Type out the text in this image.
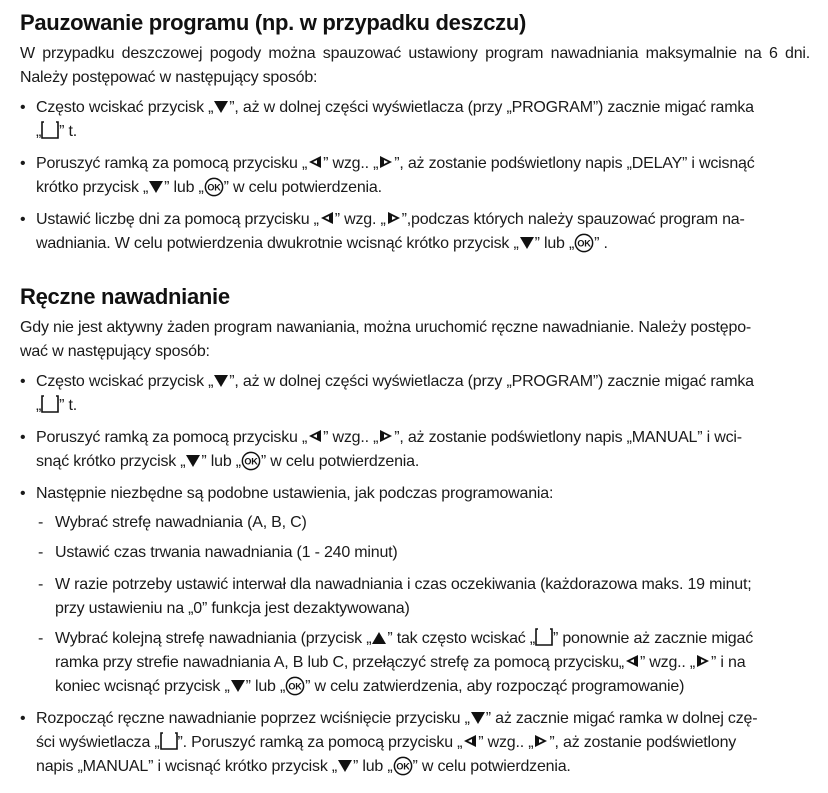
Pauzowanie programu (np. w przypadku deszczu)

W przypadku deszczowej pogody można spauzować ustawiony program nawadniania maksymalnie na 6 dni. Należy postępować w następujący sposób:

• Często wciskać przycisk „ ”, aż w dolnej części wyświetlacza (przy „PROGRAM”) zacznie migać ramka
„ ” t.

• Poruszyć ramką za pomocą przycisku „ ” wzg.. „ ”, aż zostanie podświetlony napis „DELAY” i wcisnąć
krótko przycisk „ ” lub „ ” w celu potwierdzenia.

• Ustawić liczbę dni za pomocą przycisku „ ” wzg. „ ”,podczas których należy spauzować program na-
wadniania. W celu potwierdzenia dwukrotnie wcisnąć krótko przycisk „ ” lub „ ” .

Ręczne nawadnianie

Gdy nie jest aktywny żaden program nawaniania, można uruchomić ręczne nawadnianie. Należy postępo-
wać w następujący sposób:

• Często wciskać przycisk „ ”, aż w dolnej części wyświetlacza (przy „PROGRAM”) zacznie migać ramka
„ ” t.

• Poruszyć ramką za pomocą przycisku „ ” wzg.. „ ”, aż zostanie podświetlony napis „MANUAL” i wci-
snąć krótko przycisk „ ” lub „ ” w celu potwierdzenia.

• Następnie niezbędne są podobne ustawienia, jak podczas programowania:

- Wybrać strefę nawadniania (A, B, C)

- Ustawić czas trwania nawadniania (1 - 240 minut)

- W razie potrzeby ustawić interwał dla nawadniania i czas oczekiwania (każdorazowa maks. 19 minut;
przy ustawieniu na „0” funkcja jest dezaktywowana)

- Wybrać kolejną strefę nawadniania (przycisk „ ” tak często wciskać „ ” ponownie aż zacznie migać
ramka przy strefie nawadniania A, B lub C, przełączyć strefę za pomocą przycisku„ ” wzg.. „ ” i na
koniec wcisnąć przycisk „ ” lub „ ” w celu zatwierdzenia, aby rozpocząć programowanie)

• Rozpocząć ręczne nawadnianie poprzez wciśnięcie przycisku „ ” aż zacznie migać ramka w dolnej czę-
ści wyświetlacza „ ”. Poruszyć ramką za pomocą przycisku „ ” wzg.. „ ”, aż zostanie podświetlony
napis „MANUAL” i wcisnąć krótko przycisk „ ” lub „ ” w celu potwierdzenia.
